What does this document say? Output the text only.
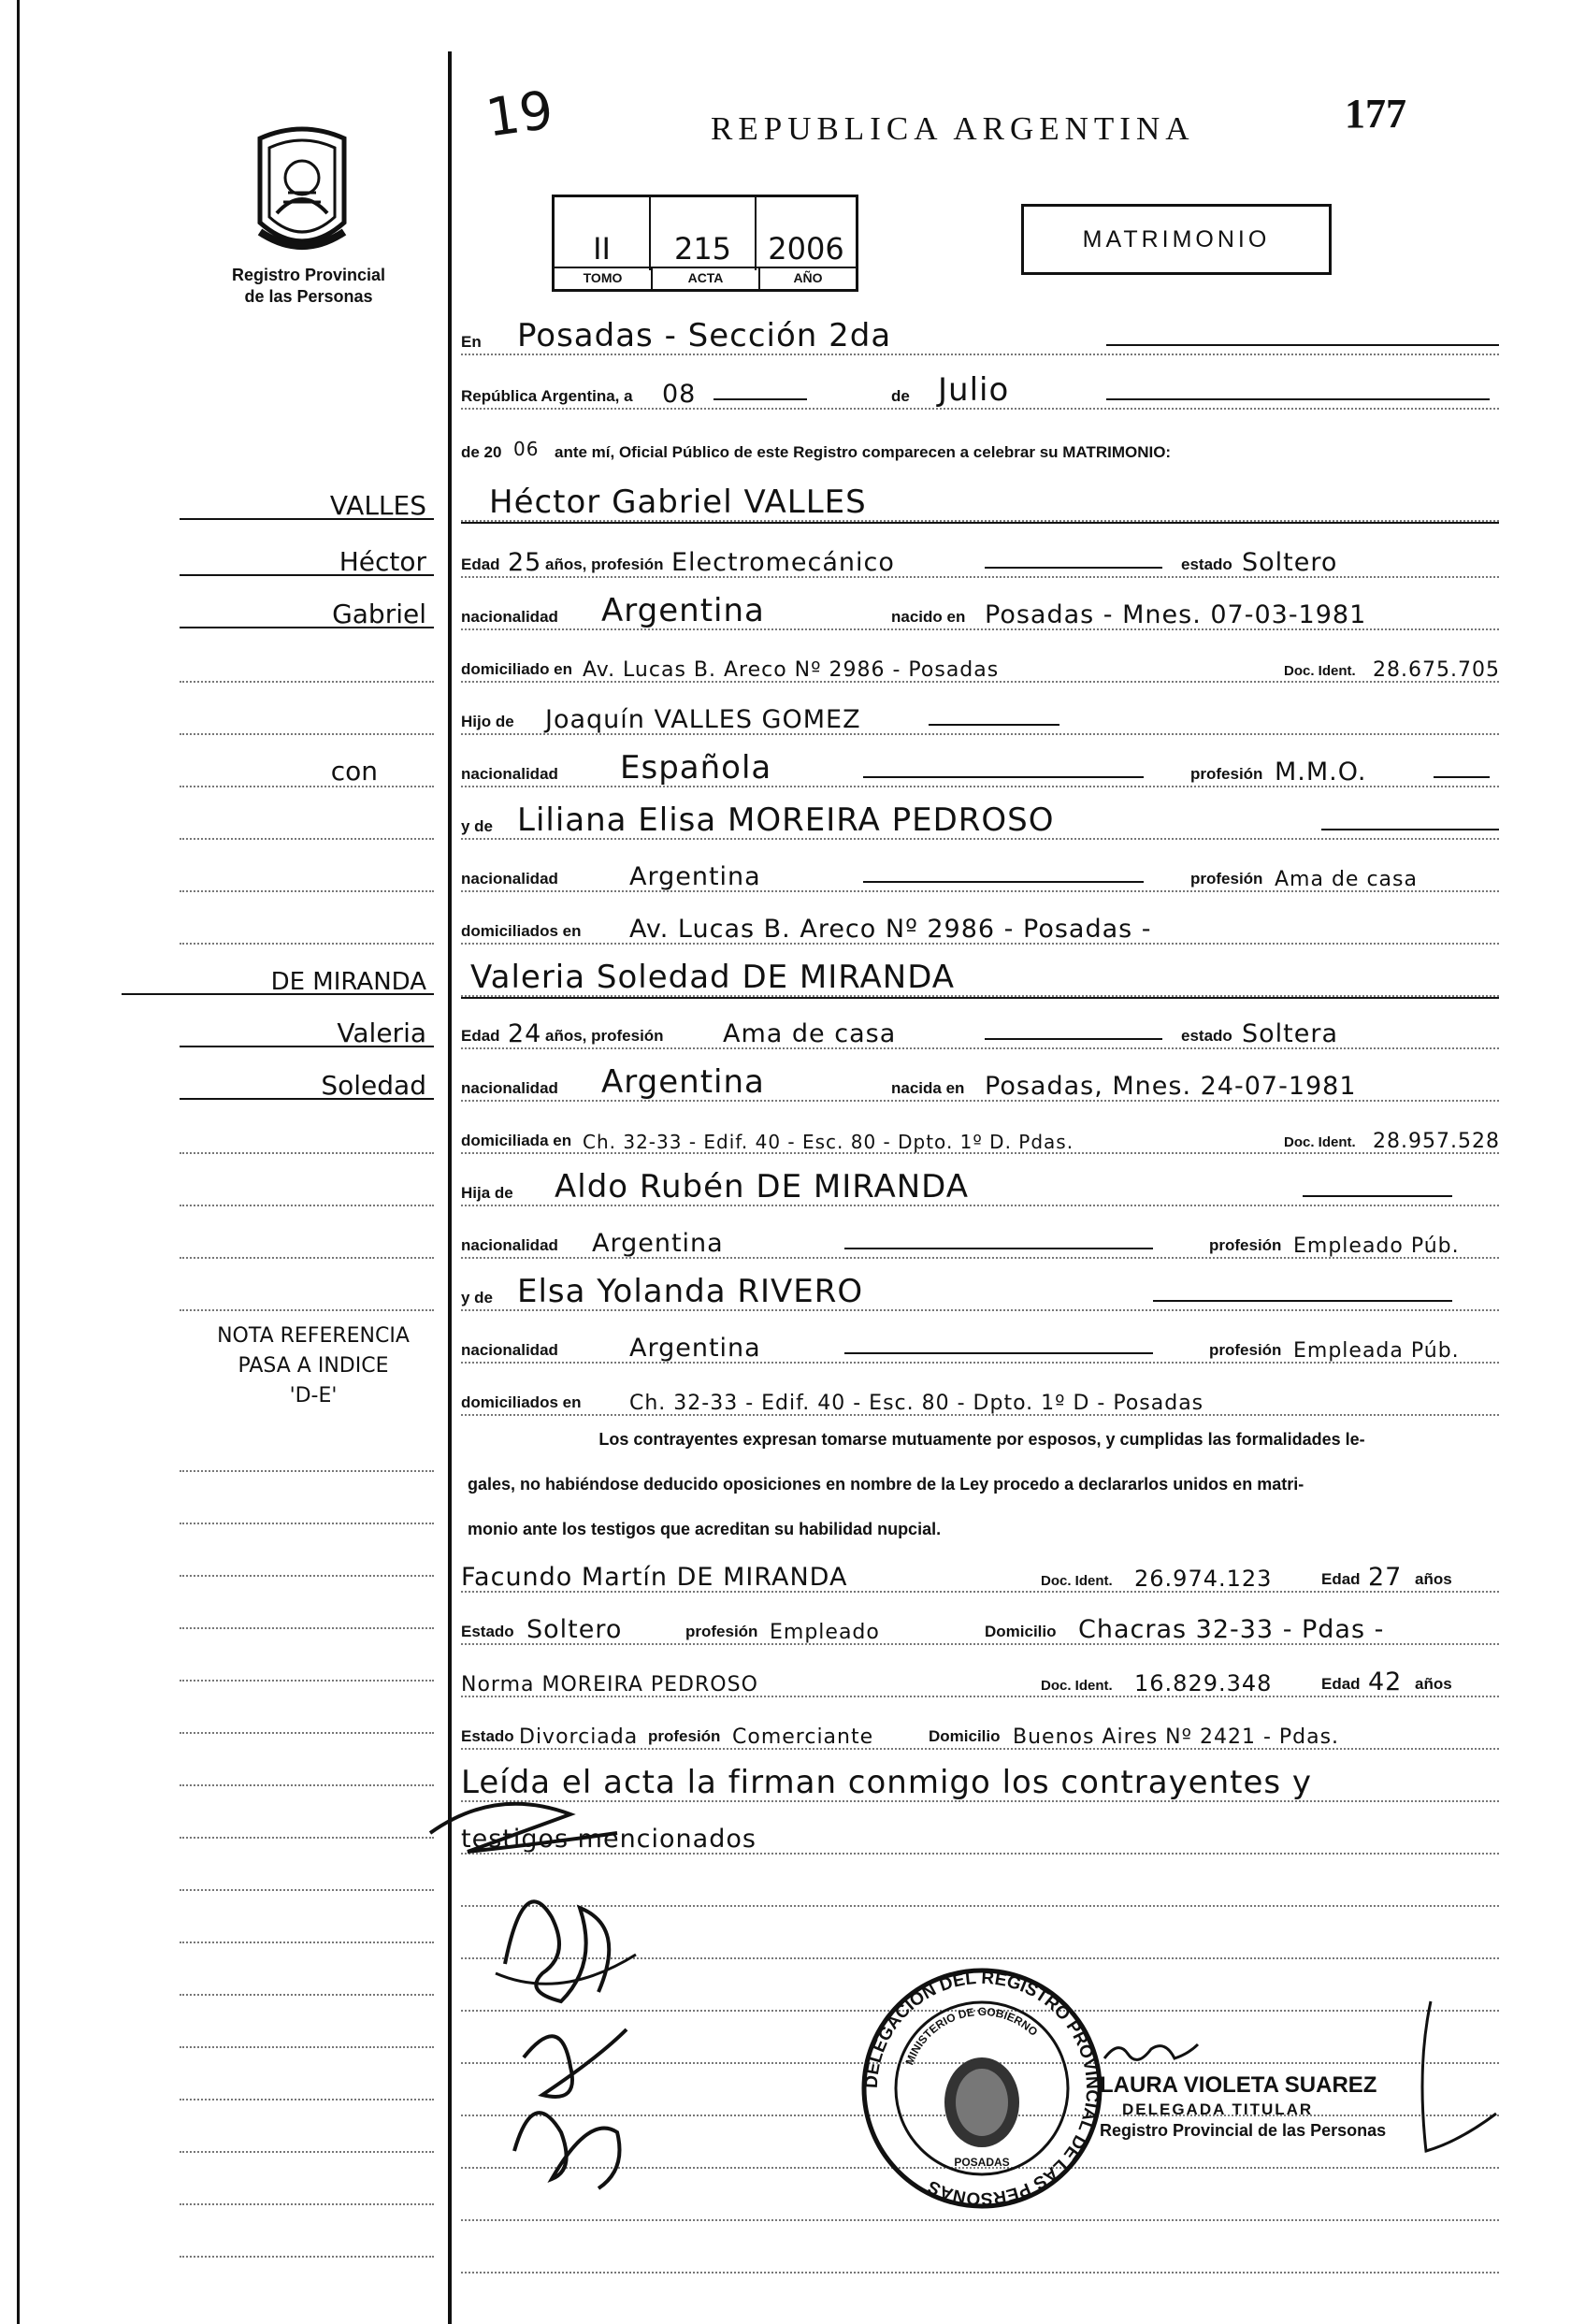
19	REPUBLICA ARGENTINA	177
Registro Provincial
de las Personas
II	215	2006
TOMO	ACTA	AÑO
MATRIMONIO
En Posadas - Sección 2da
República Argentina, a 08	de Julio
de 20 06 ante mí, Oficial Público de este Registro comparecen a celebrar su MATRIMONIO:
Héctor Gabriel VALLES
Edad 25 años, profesión Electromecánico	estado Soltero
nacionalidad Argentina	nacido en Posadas - Mnes. 07-03-1981
domiciliado en Av. Lucas B. Areco Nº 2986 - Posadas	Doc. Ident. 28.675.705
Hijo de Joaquín VALLES GOMEZ
nacionalidad Española	profesión M.M.O.
y de Liliana Elisa MOREIRA PEDROSO
nacionalidad	Argentina	profesión Ama de casa
domiciliados en Av. Lucas B. Areco Nº 2986 - Posadas -
Valeria Soledad DE MIRANDA
Edad 24 años, profesión Ama de casa	estado Soltera
nacionalidad Argentina	nacida en Posadas, Mnes. 24-07-1981
domiciliada en Ch. 32-33 - Edif. 40 - Esc. 80 - Dpto. 1º D. Pdas.	Doc. Ident. 28.957.528
Hija de Aldo Rubén DE MIRANDA
nacionalidad Argentina	profesión Empleado Púb.
y de Elsa Yolanda RIVERO
nacionalidad	Argentina	profesión Empleada Púb.
domiciliados en Ch. 32-33 - Edif. 40 - Esc. 80 - Dpto. 1º D - Posadas
Los contrayentes expresan tomarse mutuamente por esposos, y cumplidas las formalidades le-
gales, no habiéndose deducido oposiciones en nombre de la Ley procedo a declararlos unidos en matri-
monio ante los testigos que acreditan su habilidad nupcial.
Facundo Martín DE MIRANDA	Doc. Ident. 26.974.123	Edad 27 años
Estado Soltero	profesión Empleado	Domicilio Chacras 32-33 - Pdas -
Norma MOREIRA PEDROSO	Doc. Ident. 16.829.348	Edad 42 años
Estado Divorciada profesión Comerciante	Domicilio Buenos Aires Nº 2421 - Pdas.
Leída el acta la firman conmigo los contrayentes y
testigos mencionados
VALLES
Héctor
Gabriel
con
DE MIRANDA
Valeria
Soledad
NOTA REFERENCIA
PASA A INDICE
'D-E'
DELEGACION DEL REGISTRO PROVINCIAL DE LAS PERSONAS
MINISTERIO DE GOBIERNO
POSADAS
LAURA VIOLETA SUAREZ
DELEGADA TITULAR
Registro Provincial de las Personas
